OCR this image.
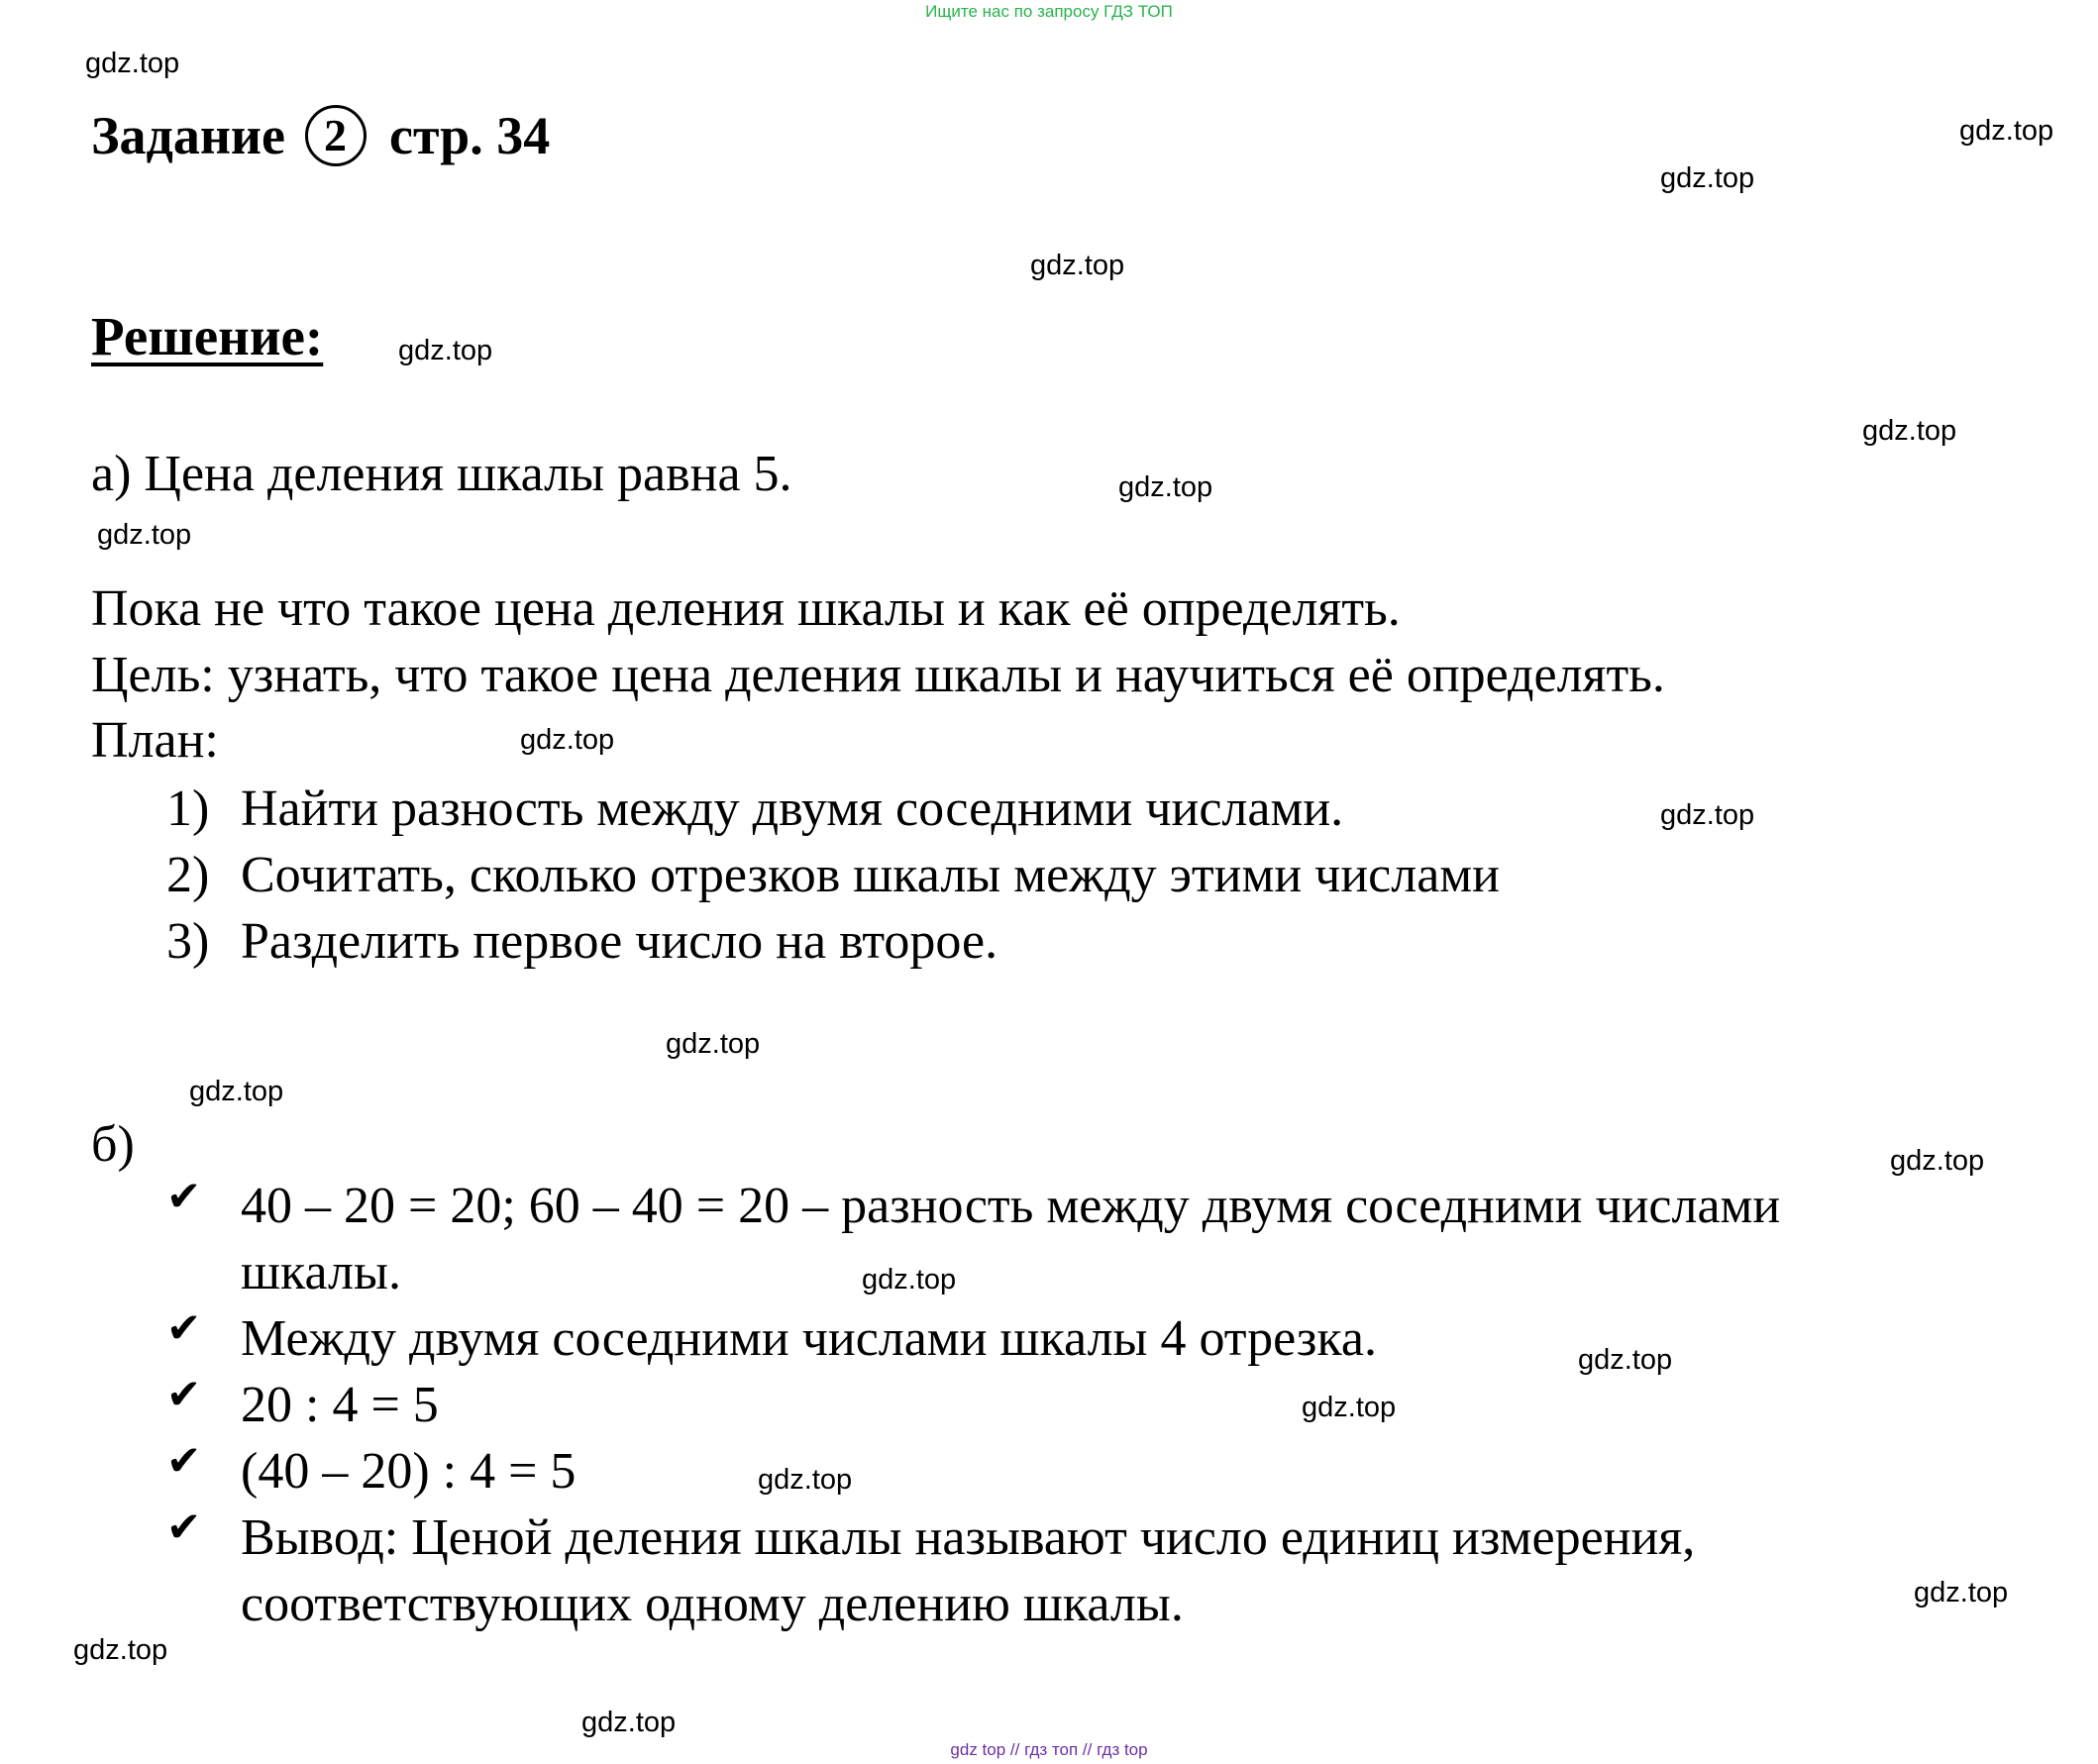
Ищите нас по запросу ГДЗ ТОП
gdz.top
gdz.top
gdz.top
gdz.top
gdz.top
gdz.top
gdz.top
gdz.top
gdz.top
gdz.top
gdz.top
gdz.top
gdz.top
gdz.top
gdz.top
gdz.top
gdz.top
gdz.top
gdz.top
gdz.top
Задание 2 стр. 34
Решение:
а) Цена деления шкалы равна 5.
Пока не что такое цена деления шкалы и как её определять.
Цель: узнать, что такое цена деления шкалы и научиться её определять.
План:
1) Найти разность между двумя соседними числами.
2) Сочитать, сколько отрезков шкалы между этими числами
3) Разделить первое число на второе.
б)
✔ 40 – 20 = 20; 60 – 40 = 20 – разность между двумя соседними числами
шкалы.
✔ Между двумя соседними числами шкалы 4 отрезка.
✔ 20 : 4 = 5
✔ (40 – 20) : 4 = 5
✔ Вывод: Ценой деления шкалы называют число единиц измерения,
соответствующих одному делению шкалы.
gdz top // гдз топ // гдз top
